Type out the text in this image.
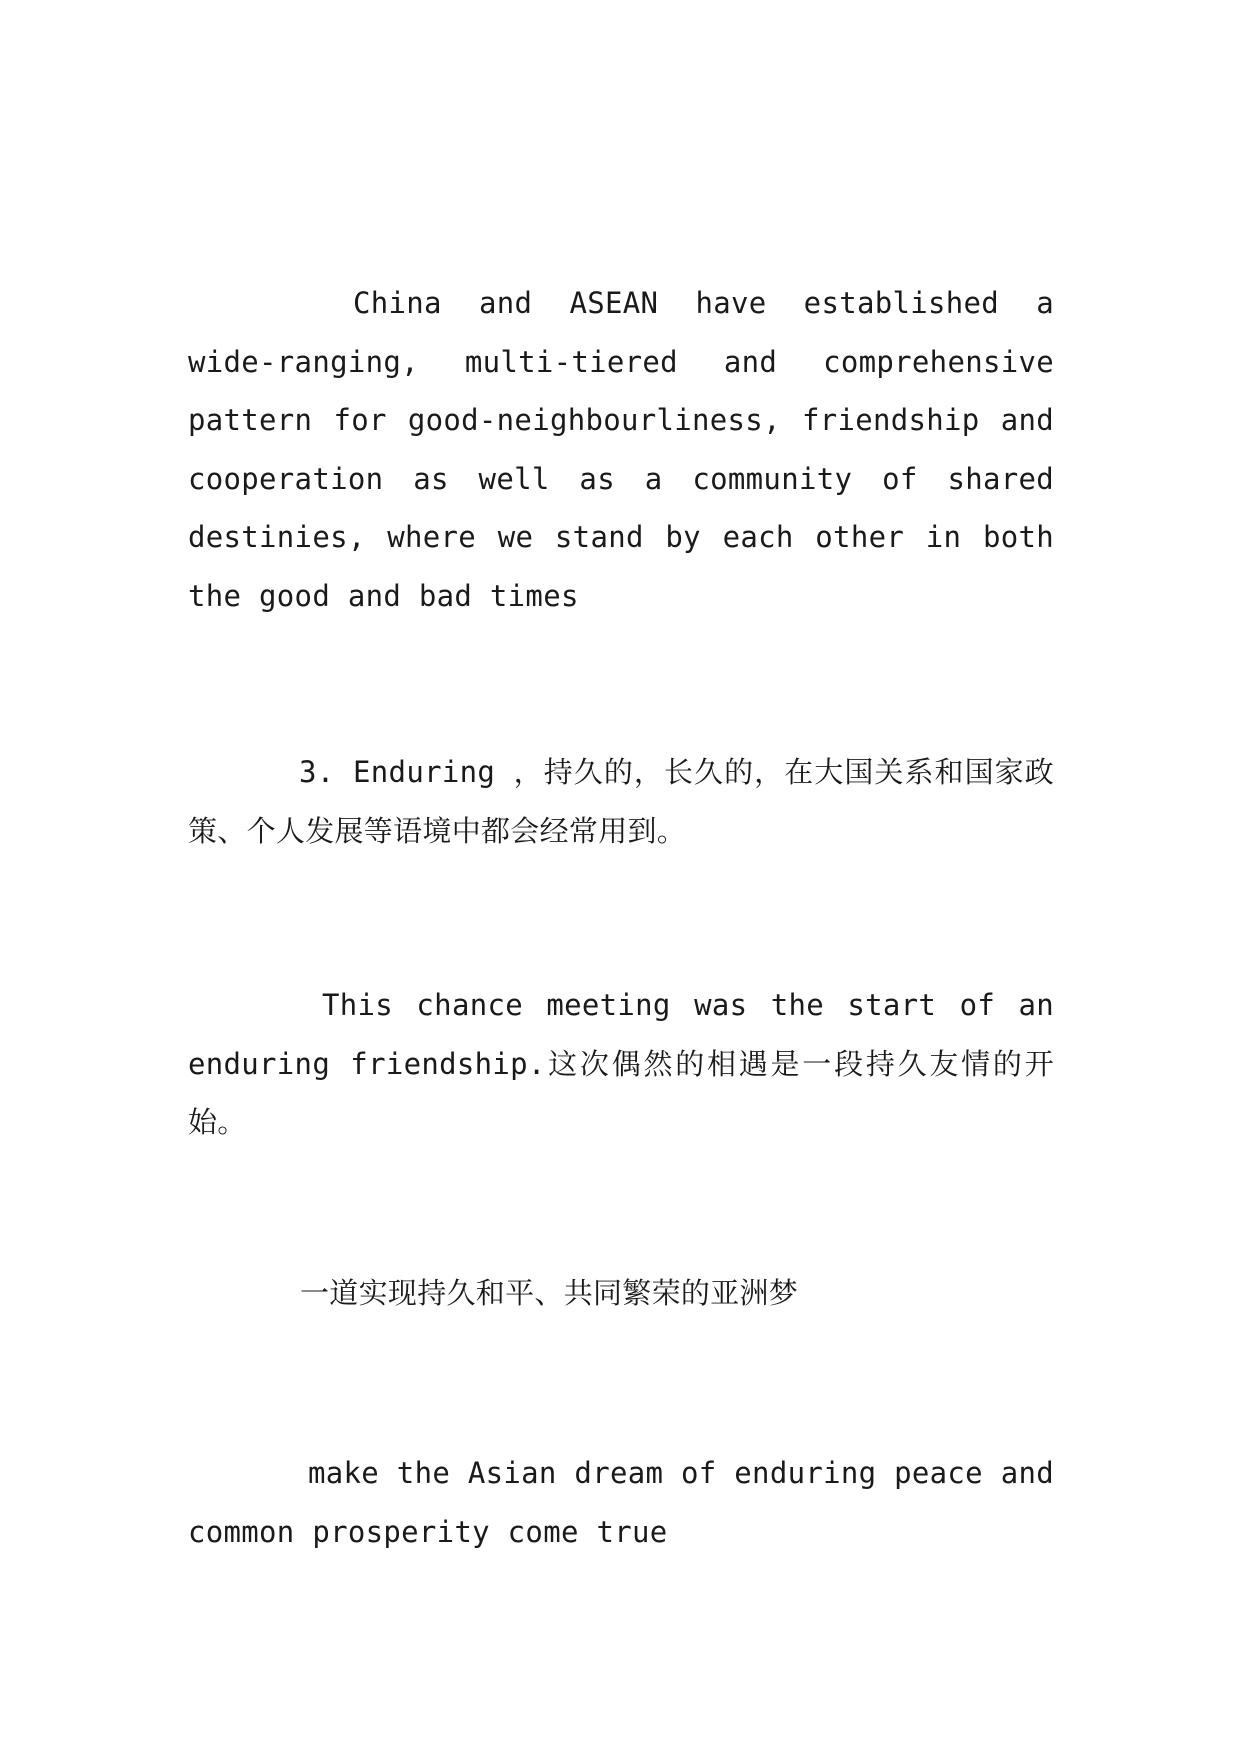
China and ASEAN have established a wide-ranging, multi-tiered and comprehensive pattern for good-neighbourliness, friendship and cooperation as well as a community of shared destinies, where we stand by each other in both the good and bad times

3. Enduring ，持久的，长久的，在大国关系和国家政策、个人发展等语境中都会经常用到。

This chance meeting was the start of an enduring friendship.这次偶然的相遇是一段持久友情的开始。

一道实现持久和平、共同繁荣的亚洲梦

make the Asian dream of enduring peace and common prosperity come true
